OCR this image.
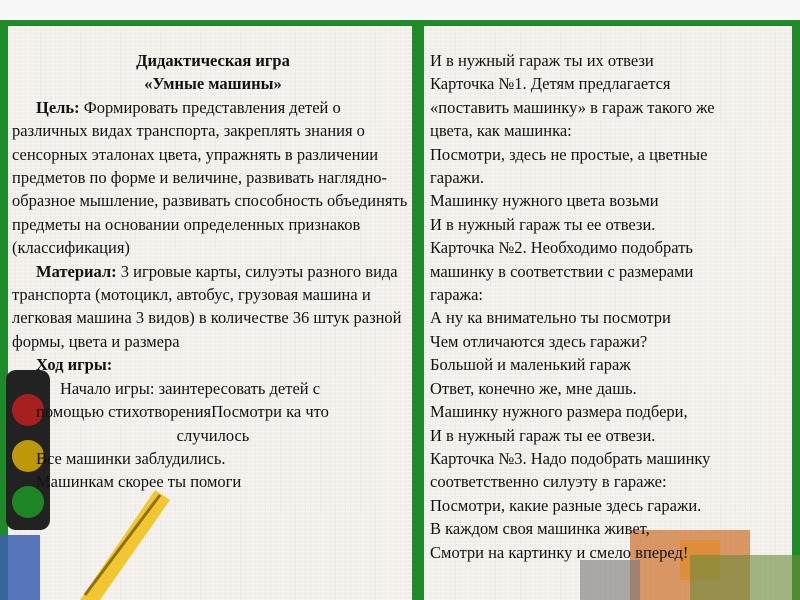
Дидактическая игра
«Умные машины»
Цель: Формировать представления детей о различных видах транспорта, закреплять знания о сенсорных эталонах цвета, упражнять в различении предметов по форме и величине, развивать наглядно-образное мышление, развивать способность объединять предметы на основании определенных признаков (классификация)
Материал: 3 игровые карты, силуэты разного вида транспорта (мотоцикл, автобус, грузовая машина и легковая машина 3 видов) в количестве 36 штук разной формы, цвета и размера
Ход игры:
Начало игры: заинтересовать детей с
помощью стихотворенияПосмотри ка что
случилось
Все машинки заблудились.
Машинкам скорее ты помоги
И в нужный гараж ты их отвези
Карточка №1. Детям предлагается
«поставить машинку» в гараж такого же
цвета, как машинка:
Посмотри, здесь не простые, а цветные
гаражи.
Машинку нужного цвета возьми
И в нужный гараж ты ее отвези.
Карточка №2. Необходимо подобрать
машинку в соответствии с размерами
гаража:
А ну ка внимательно ты посмотри
Чем отличаются здесь гаражи?
Большой и маленький гараж
Ответ, конечно же, мне дашь.
Машинку нужного размера подбери,
И в нужный гараж ты ее отвези.
Карточка №3. Надо подобрать машинку
соответственно силуэту в гараже:
Посмотри, какие разные здесь гаражи.
В каждом своя машинка живет,
Смотри на картинку и смело вперед!
